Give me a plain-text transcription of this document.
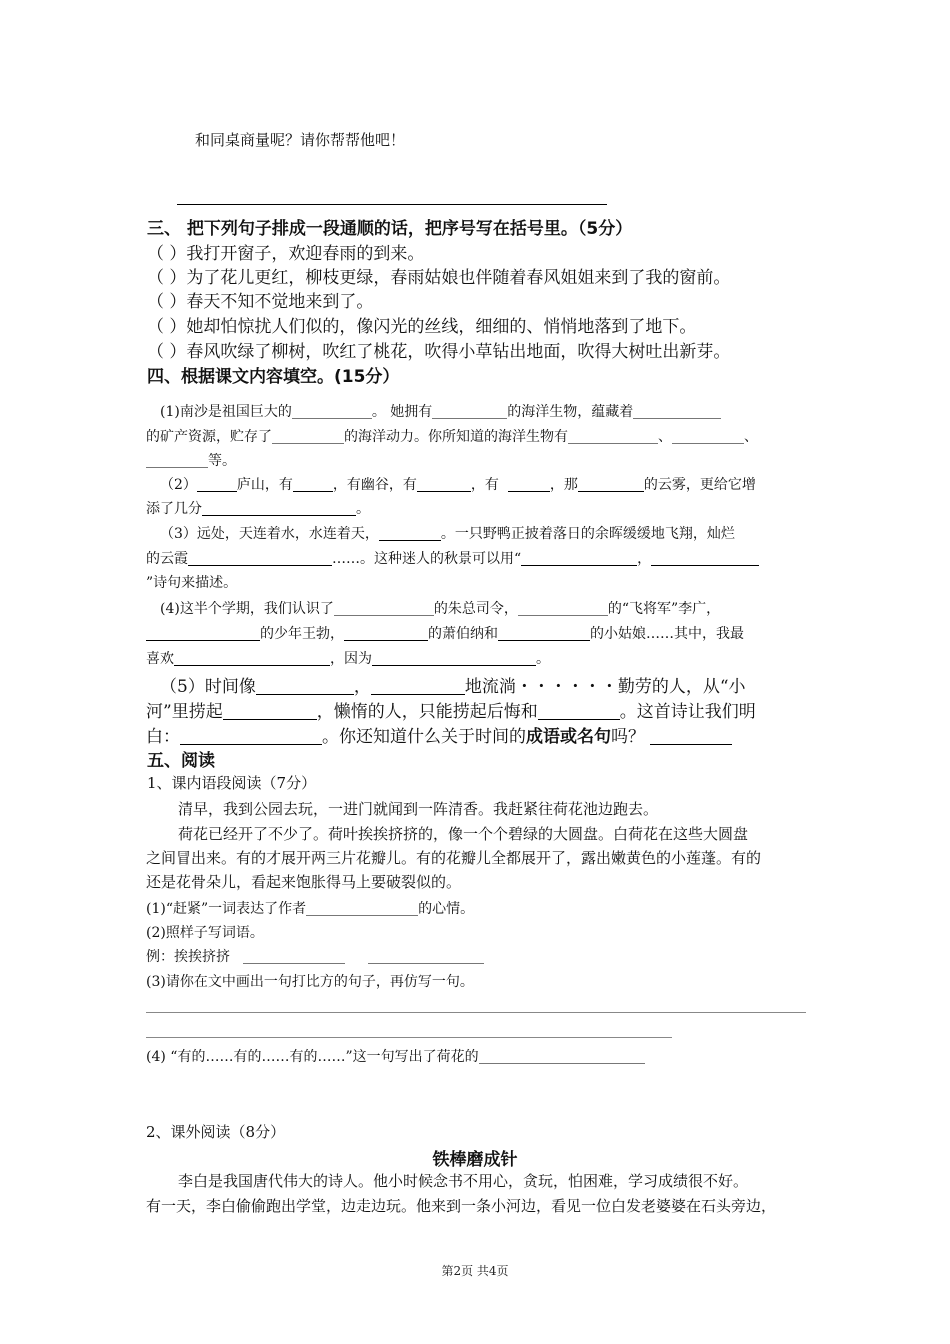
和同桌商量呢？请你帮帮他吧！
三、 把下列句子排成一段通顺的话，把序号写在括号里。（5分）
（ ）我打开窗子，欢迎春雨的到来。
（ ）为了花儿更红，柳枝更绿，春雨姑娘也伴随着春风姐姐来到了我的窗前。
（ ）春天不知不觉地来到了。
（ ）她却怕惊扰人们似的，像闪光的丝线，细细的、悄悄地落到了地下。
（ ）春风吹绿了柳树，吹红了桃花，吹得小草钻出地面，吹得大树吐出新芽。
四、根据课文内容填空。(15分）
(1)南沙是祖国巨大的	。 她拥有	的海洋生物，蕴藏着
的矿产资源，贮存了	的海洋动力。你所知道的海洋生物有	、	、
等。
（2）	庐山，有	，有幽谷，有	，有	，那	的云雾，更给它增
添了几分	。
（3）远处，天连着水，水连着天，	。一只野鸭正披着落日的余晖缓缓地飞翔，灿烂
的云霞	……。这种迷人的秋景可以用“	，
”诗句来描述。
(4)这半个学期，我们认识了	的朱总司令，	的“飞将军”李广，
的少年王勃，	的萧伯纳和	的小姑娘……其中，我最
喜欢	，因为	。
（5）时间像	，	地流淌・・・・・・勤劳的人，从“小
河”里捞起	，懒惰的人，只能捞起后悔和	。这首诗让我们明
白：	。你还知道什么关于时间的成语或名句吗？
五、阅读
1、课内语段阅读（7分）
清早，我到公园去玩，一进门就闻到一阵清香。我赶紧往荷花池边跑去。
荷花已经开了不少了。荷叶挨挨挤挤的，像一个个碧绿的大圆盘。白荷花在这些大圆盘
之间冒出来。有的才展开两三片花瓣儿。有的花瓣儿全都展开了，露出嫩黄色的小莲蓬。有的
还是花骨朵儿，看起来饱胀得马上要破裂似的。
(1)“赶紧”一词表达了作者	的心情。
(2)照样子写词语。
例：挨挨挤挤
(3)请你在文中画出一句打比方的句子，再仿写一句。
(4) “有的……有的……有的……”这一句写出了荷花的
2、课外阅读（8分）
铁棒磨成针
李白是我国唐代伟大的诗人。他小时候念书不用心，贪玩，怕困难，学习成绩很不好。
有一天，李白偷偷跑出学堂，边走边玩。他来到一条小河边，看见一位白发老婆婆在石头旁边，
第2页 共4页
